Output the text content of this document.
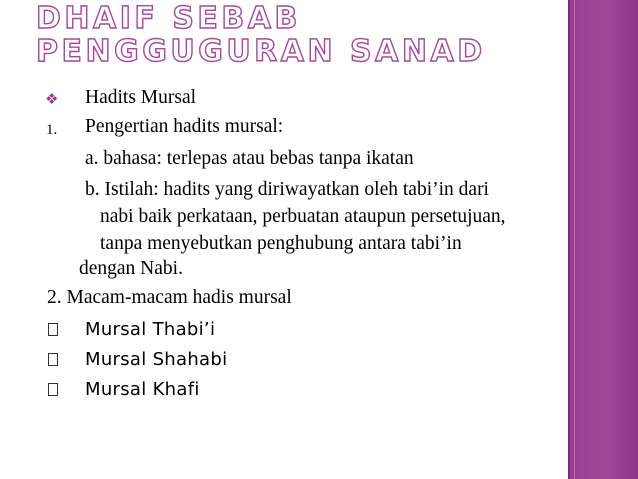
DHAIF SEBAB PENGGUGURAN SANAD
❖ Hadits Mursal
1. Pengertian hadits mursal:
a. bahasa: terlepas atau bebas tanpa ikatan
b. Istilah: hadits yang diriwayatkan oleh tabi’in dari
nabi baik perkataan, perbuatan ataupun persetujuan,
tanpa menyebutkan penghubung antara tabi’in
dengan Nabi.
2. Macam-macam hadis mursal
Mursal Thabi’i
Mursal Shahabi
Mursal Khafi
